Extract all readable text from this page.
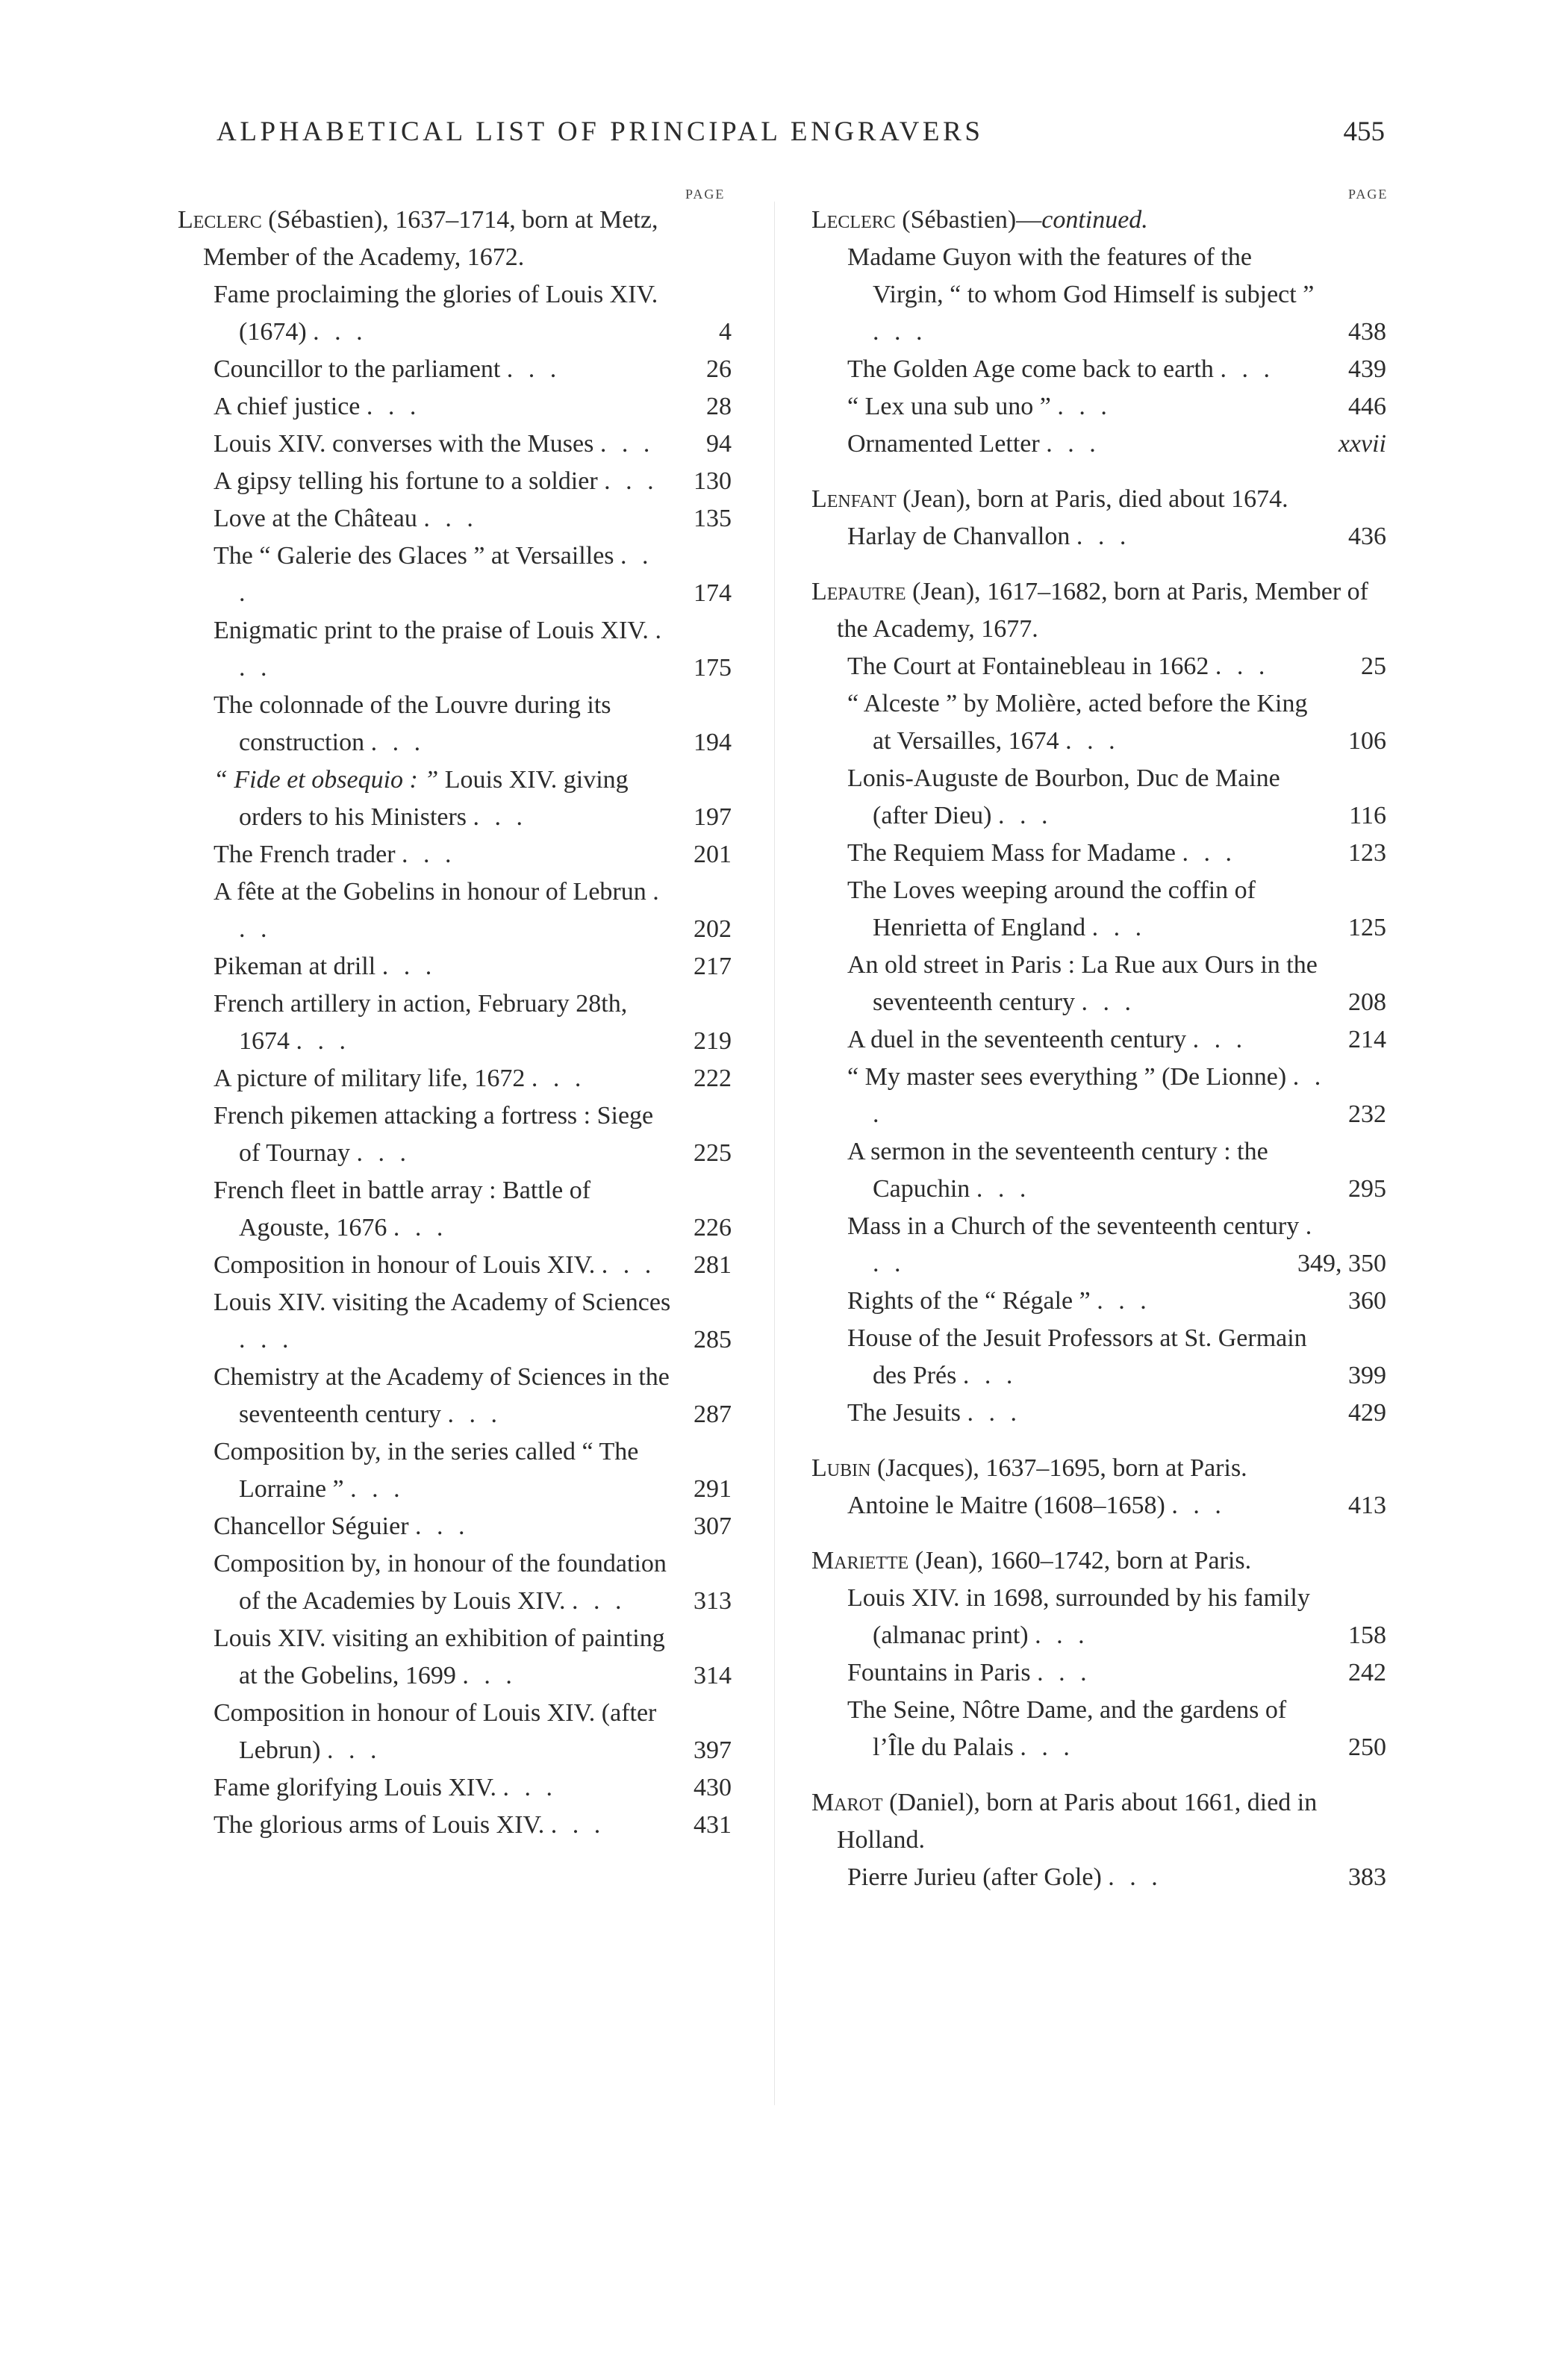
ALPHABETICAL LIST OF PRINCIPAL ENGRAVERS	455
PAGE	PAGE
Leclerc (Sébastien), 1637–1714, born at Metz, Member of the Academy, 1672.
Fame proclaiming the glories of Louis XIV. (1674) . . .	4
Councillor to the parliament . . .	26
A chief justice . . .	28
Louis XIV. converses with the Muses . . . 94
A gipsy telling his fortune to a soldier . . . 130
Love at the Château . . .	135
The “ Galerie des Glaces ” at Versailles . . .	174
Enigmatic print to the praise of Louis XIV. . . .	175
The colonnade of the Louvre during its construction . . .	194
“ Fide et obsequio : ” Louis XIV. giving orders to his Ministers . . .	197
The French trader . . .	201
A fête at the Gobelins in honour of Lebrun . . .	202
Pikeman at drill . . .	217
French artillery in action, February 28th, 1674 . . .	219
A picture of military life, 1672 . . .	222
French pikemen attacking a fortress : Siege of Tournay . . .	225
French fleet in battle array : Battle of Agouste, 1676 . . .	226
Composition in honour of Louis XIV. . . . 281
Louis XIV. visiting the Academy of Sciences . . .	285
Chemistry at the Academy of Sciences in the seventeenth century . . .	287
Composition by, in the series called “ The Lorraine ” . . .	291
Chancellor Séguier . . .	307
Composition by, in honour of the foundation of the Academies by Louis XIV. . . .	313
Louis XIV. visiting an exhibition of painting at the Gobelins, 1699 . . .	314
Composition in honour of Louis XIV. (after Lebrun) . . .	397
Fame glorifying Louis XIV. . . .	430
The glorious arms of Louis XIV. . . .	431
Leclerc (Sébastien)—continued.
Madame Guyon with the features of the Virgin, “ to whom God Himself is subject ” . . .	438
The Golden Age come back to earth . . .	439
“ Lex una sub uno ” . . .	446
Ornamented Letter . . .	xxvii
Lenfant (Jean), born at Paris, died about 1674.
Harlay de Chanvallon . . .	436
Lepautre (Jean), 1617–1682, born at Paris, Member of the Academy, 1677.
The Court at Fontainebleau in 1662 . . .	25
“ Alceste ” by Molière, acted before the King at Versailles, 1674 . . .	106
Lonis-Auguste de Bourbon, Duc de Maine (after Dieu) . . .	116
The Requiem Mass for Madame . . .	123
The Loves weeping around the coffin of Henrietta of England . . .	125
An old street in Paris : La Rue aux Ours in the seventeenth century . . .	208
A duel in the seventeenth century . . .	214
“ My master sees everything ” (De Lionne) . . .	232
A sermon in the seventeenth century : the Capuchin . . .	295
Mass in a Church of the seventeenth century . . .	349, 350
Rights of the “ Régale ” . . .	360
House of the Jesuit Professors at St. Germain des Prés . . .	399
The Jesuits . . .	429
Lubin (Jacques), 1637–1695, born at Paris.
Antoine le Maitre (1608–1658) . . .	413
Mariette (Jean), 1660–1742, born at Paris.
Louis XIV. in 1698, surrounded by his family (almanac print) . . .	158
Fountains in Paris . . .	242
The Seine, Nôtre Dame, and the gardens of l’Île du Palais . . .	250
Marot (Daniel), born at Paris about 1661, died in Holland.
Pierre Jurieu (after Gole) . . .	383
